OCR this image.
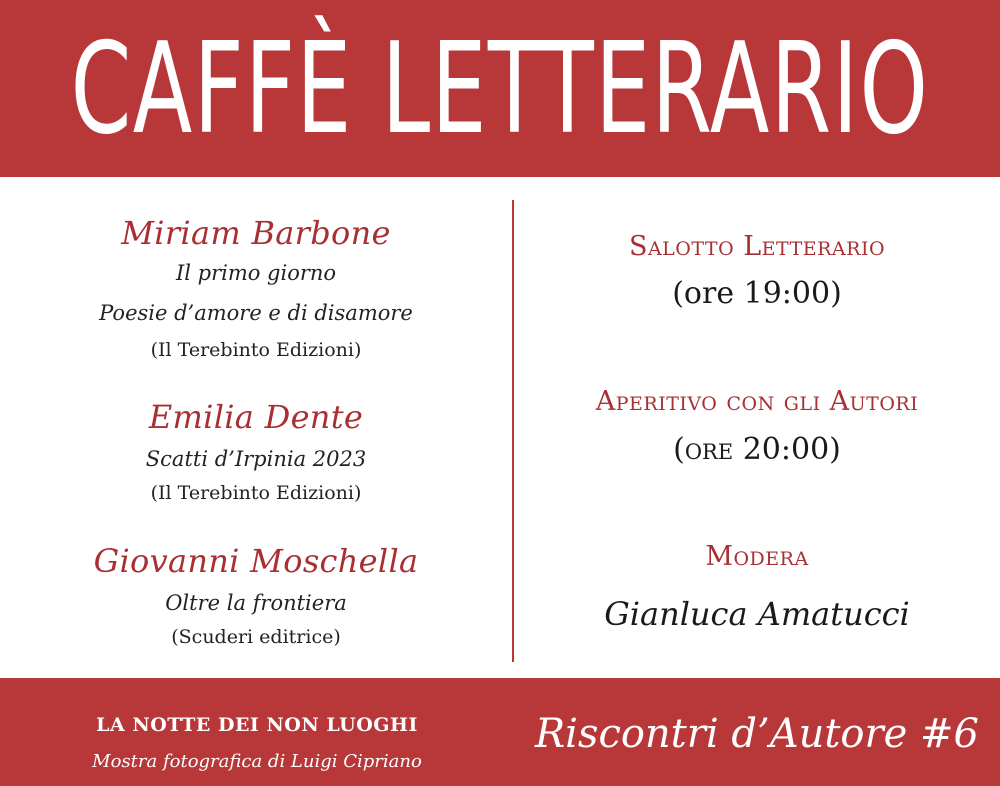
CAFFÈ LETTERARIO
Miriam Barbone
Il primo giorno
Poesie d’amore e di disamore
(Il Terebinto Edizioni)
Emilia Dente
Scatti d’Irpinia 2023
(Il Terebinto Edizioni)
Giovanni Moschella
Oltre la frontiera
(Scuderi editrice)
Salotto Letterario
(ore 19:00)
Aperitivo con gli Autori
(ore 20:00)
Modera
Gianluca Amatucci
LA NOTTE DEI NON LUOGHI
Mostra fotografica di Luigi Cipriano
Riscontri d’Autore #6
